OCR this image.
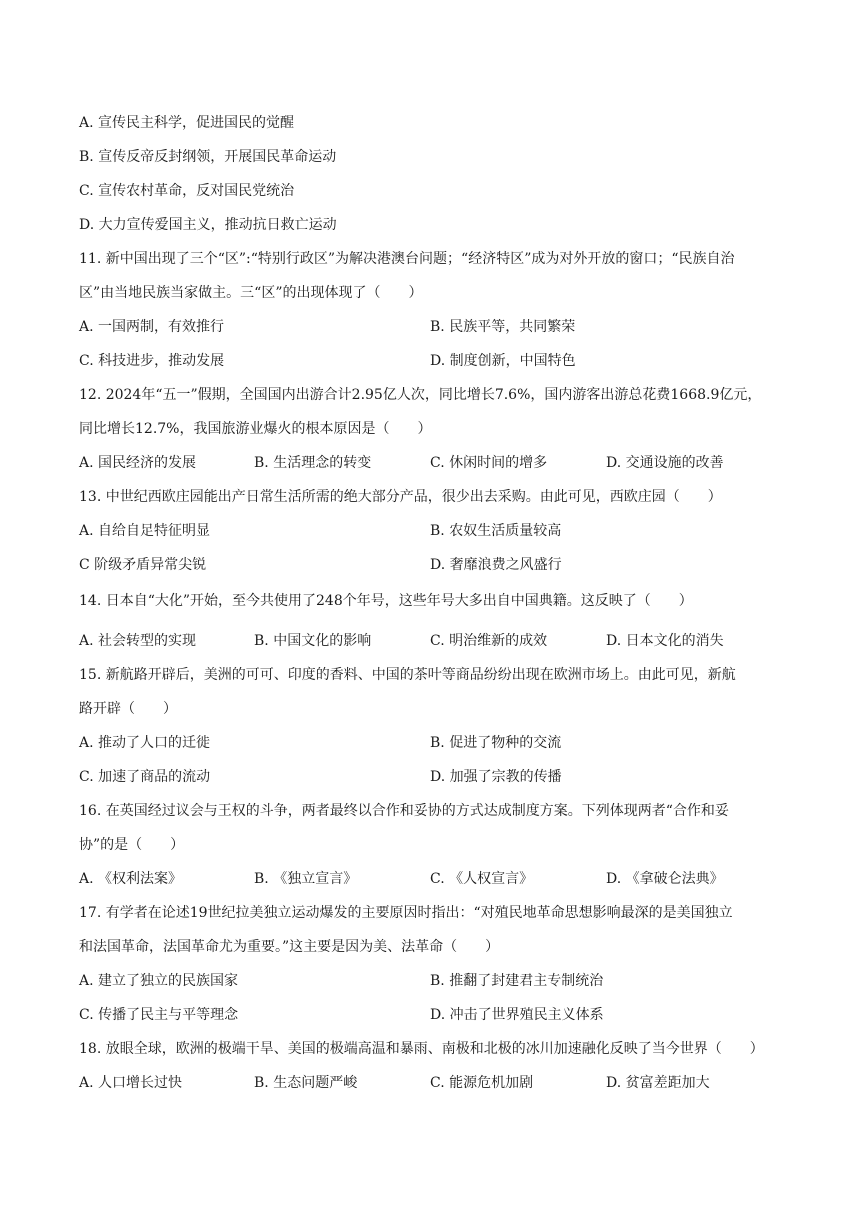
A. 宣传民主科学，促进国民的觉醒
B. 宣传反帝反封纲领，开展国民革命运动
C. 宣传农村革命，反对国民党统治
D. 大力宣传爱国主义，推动抗日救亡运动
11. 新中国出现了三个“区”:“特别行政区”为解决港澳台问题；“经济特区”成为对外开放的窗口；“民族自治
区”由当地民族当家做主。三“区”的出现体现了（　　）
A. 一国两制，有效推行	B. 民族平等，共同繁荣
C. 科技进步，推动发展	D. 制度创新，中国特色
12. 2024年“五一”假期，全国国内出游合计2.95亿人次，同比增长7.6%，国内游客出游总花费1668.9亿元，
同比增长12.7%，我国旅游业爆火的根本原因是（　　）
A. 国民经济的发展	B. 生活理念的转变	C. 休闲时间的增多	D. 交通设施的改善
13. 中世纪西欧庄园能出产日常生活所需的绝大部分产品，很少出去采购。由此可见，西欧庄园（　　）
A. 自给自足特征明显	B. 农奴生活质量较高
C 阶级矛盾异常尖锐	D. 奢靡浪费之风盛行
14. 日本自“大化”开始，至今共使用了248个年号，这些年号大多出自中国典籍。这反映了（　　）
A. 社会转型的实现	B. 中国文化的影响	C. 明治维新的成效	D. 日本文化的消失
15. 新航路开辟后，美洲的可可、印度的香料、中国的茶叶等商品纷纷出现在欧洲市场上。由此可见，新航
路开辟（　　）
A. 推动了人口的迁徙	B. 促进了物种的交流
C. 加速了商品的流动	D. 加强了宗教的传播
16. 在英国经过议会与王权的斗争，两者最终以合作和妥协的方式达成制度方案。下列体现两者“合作和妥
协”的是（　　）
A. 《权利法案》	B. 《独立宣言》	C. 《人权宣言》	D. 《拿破仑法典》
17. 有学者在论述19世纪拉美独立运动爆发的主要原因时指出：“对殖民地革命思想影响最深的是美国独立
和法国革命，法国革命尤为重要。”这主要是因为美、法革命（　　）
A. 建立了独立的民族国家	B. 推翻了封建君主专制统治
C. 传播了民主与平等理念	D. 冲击了世界殖民主义体系
18. 放眼全球，欧洲的极端干旱、美国的极端高温和暴雨、南极和北极的冰川加速融化反映了当今世界（　　）
A. 人口增长过快	B. 生态问题严峻	C. 能源危机加剧	D. 贫富差距加大
